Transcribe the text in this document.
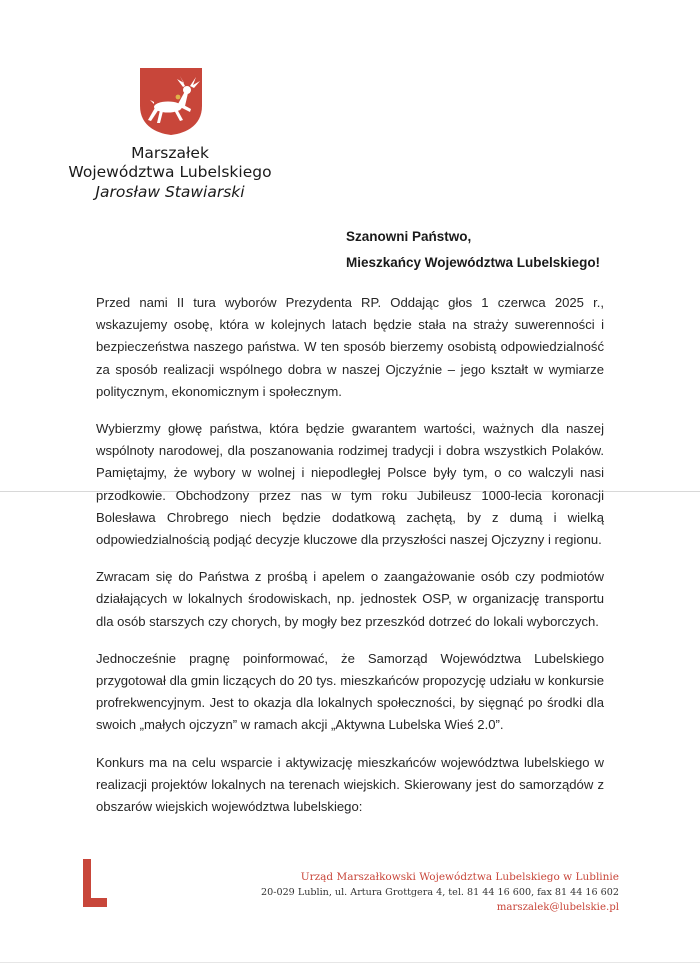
Marszałek
Województwa Lubelskiego
Jarosław Stawiarski
Szanowni Państwo,
Mieszkańcy Województwa Lubelskiego!

Przed nami II tura wyborów Prezydenta RP. Oddając głos 1 czerwca 2025 r., wskazujemy osobę, która w kolejnych latach będzie stała na straży suwerenności i bezpieczeństwa naszego państwa. W ten sposób bierzemy osobistą odpowiedzialność za sposób realizacji wspólnego dobra w naszej Ojczyźnie – jego kształt w wymiarze politycznym, ekonomicznym i społecznym.

Wybierzmy głowę państwa, która będzie gwarantem wartości, ważnych dla naszej wspólnoty narodowej, dla poszanowania rodzimej tradycji i dobra wszystkich Polaków. Pamiętajmy, że wybory w wolnej i niepodległej Polsce były tym, o co walczyli nasi przodkowie. Obchodzony przez nas w tym roku Jubileusz 1000-lecia koronacji Bolesława Chrobrego niech będzie dodatkową zachętą, by z dumą i wielką odpowiedzialnością podjąć decyzje kluczowe dla przyszłości naszej Ojczyzny i regionu.

Zwracam się do Państwa z prośbą i apelem o zaangażowanie osób czy podmiotów działających w lokalnych środowiskach, np. jednostek OSP, w organizację transportu dla osób starszych czy chorych, by mogły bez przeszkód dotrzeć do lokali wyborczych.

Jednocześnie pragnę poinformować, że Samorząd Województwa Lubelskiego przygotował dla gmin liczących do 20 tys. mieszkańców propozycję udziału w konkursie profrekwencyjnym. Jest to okazja dla lokalnych społeczności, by sięgnąć po środki dla swoich „małych ojczyzn” w ramach akcji „Aktywna Lubelska Wieś 2.0”.

Konkurs ma na celu wsparcie i aktywizację mieszkańców województwa lubelskiego w realizacji projektów lokalnych na terenach wiejskich. Skierowany jest do samorządów z obszarów wiejskich województwa lubelskiego:

Urząd Marszałkowski Województwa Lubelskiego w Lublinie
20-029 Lublin, ul. Artura Grottgera 4, tel. 81 44 16 600, fax 81 44 16 602
marszalek@lubelskie.pl
